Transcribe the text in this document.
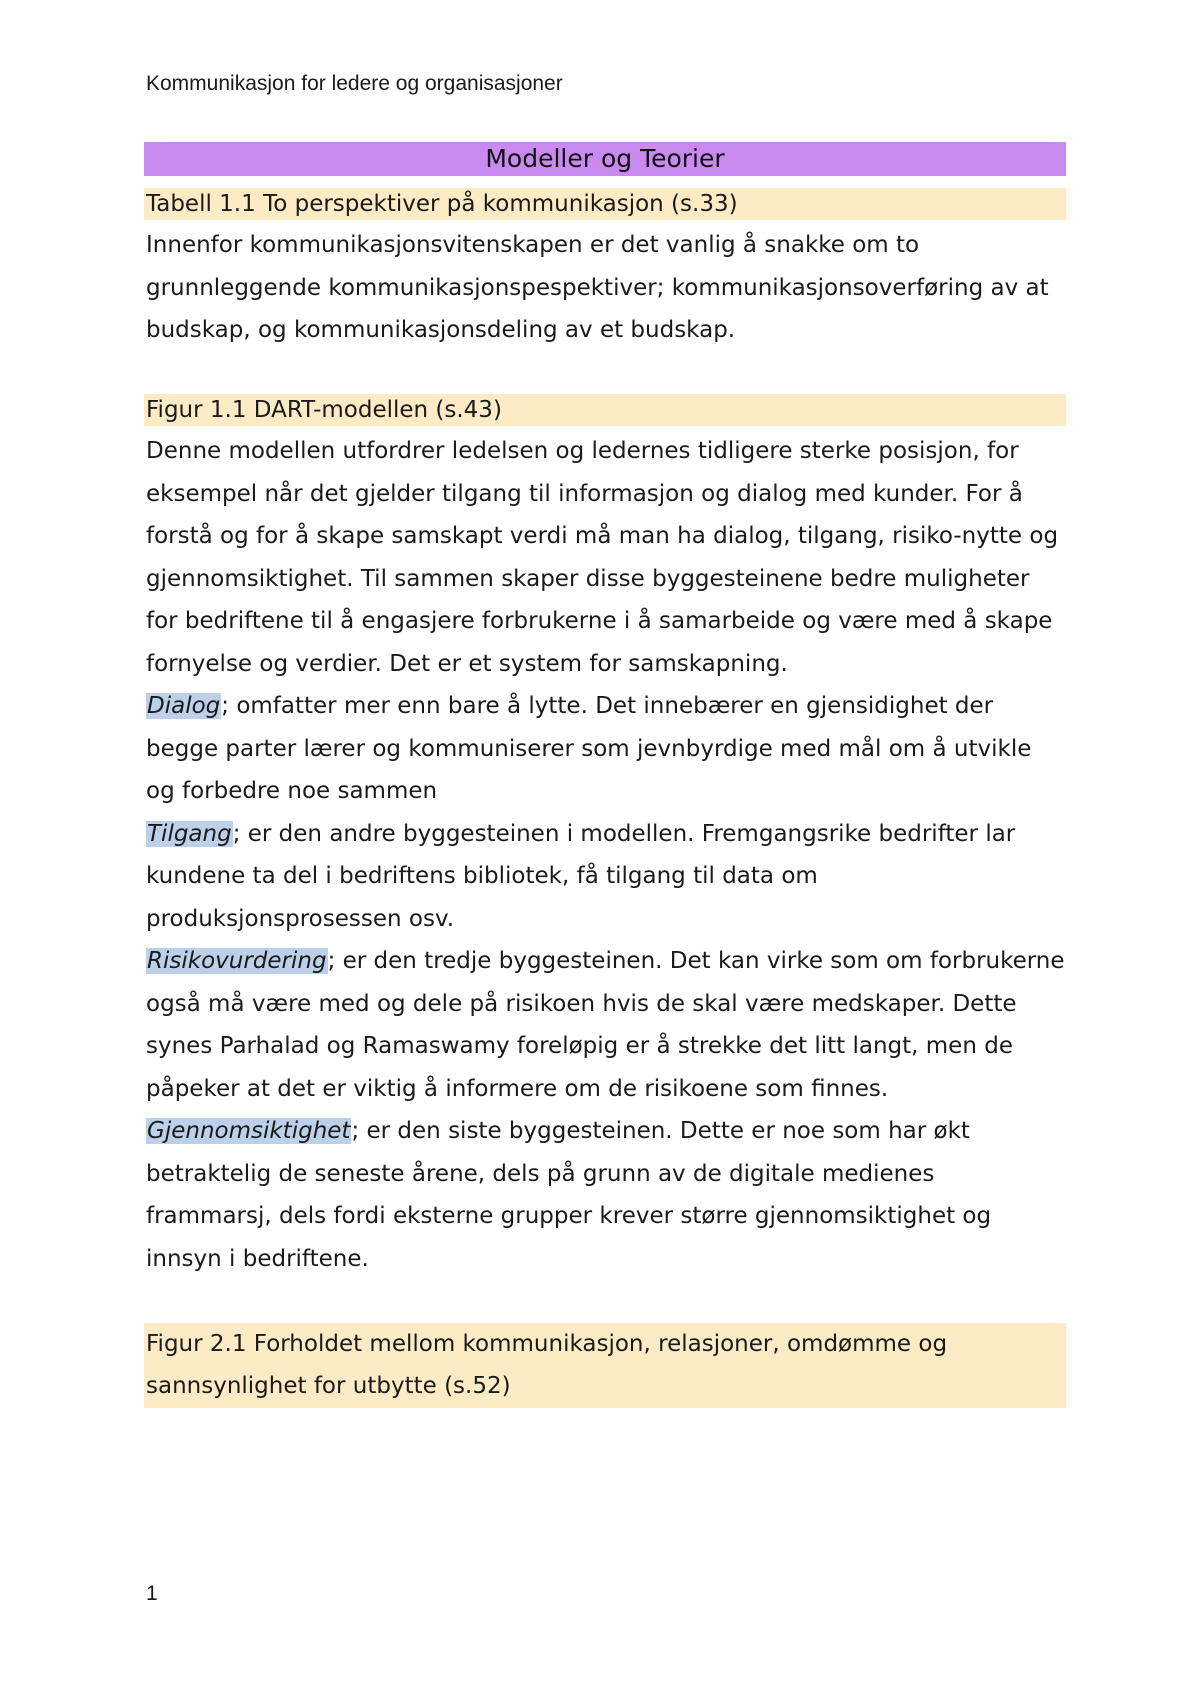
Kommunikasjon for ledere og organisasjoner
Modeller og Teorier
Tabell 1.1 To perspektiver på kommunikasjon (s.33)

Innenfor kommunikasjonsvitenskapen er det vanlig å snakke om to grunnleggende kommunikasjonspespektiver; kommunikasjonsoverføring av at budskap, og kommunikasjonsdeling av et budskap.

Figur 1.1 DART-modellen (s.43)

Denne modellen utfordrer ledelsen og ledernes tidligere sterke posisjon, for eksempel når det gjelder tilgang til informasjon og dialog med kunder. For å forstå og for å skape samskapt verdi må man ha dialog, tilgang, risiko-nytte og gjennomsiktighet. Til sammen skaper disse byggesteinene bedre muligheter for bedriftene til å engasjere forbrukerne i å samarbeide og være med å skape fornyelse og verdier. Det er et system for samskapning.

Dialog; omfatter mer enn bare å lytte. Det innebærer en gjensidighet der begge parter lærer og kommuniserer som jevnbyrdige med mål om å utvikle og forbedre noe sammen

Tilgang; er den andre byggesteinen i modellen. Fremgangsrike bedrifter lar kundene ta del i bedriftens bibliotek, få tilgang til data om produksjonsprosessen osv.

Risikovurdering; er den tredje byggesteinen. Det kan virke som om forbrukerne også må være med og dele på risikoen hvis de skal være medskaper. Dette synes Parhalad og Ramaswamy foreløpig er å strekke det litt langt, men de påpeker at det er viktig å informere om de risikoene som finnes.

Gjennomsiktighet; er den siste byggesteinen. Dette er noe som har økt betraktelig de seneste årene, dels på grunn av de digitale medienes frammarsj, dels fordi eksterne grupper krever større gjennomsiktighet og innsyn i bedriftene.

Figur 2.1 Forholdet mellom kommunikasjon, relasjoner, omdømme og sannsynlighet for utbytte (s.52)
1
